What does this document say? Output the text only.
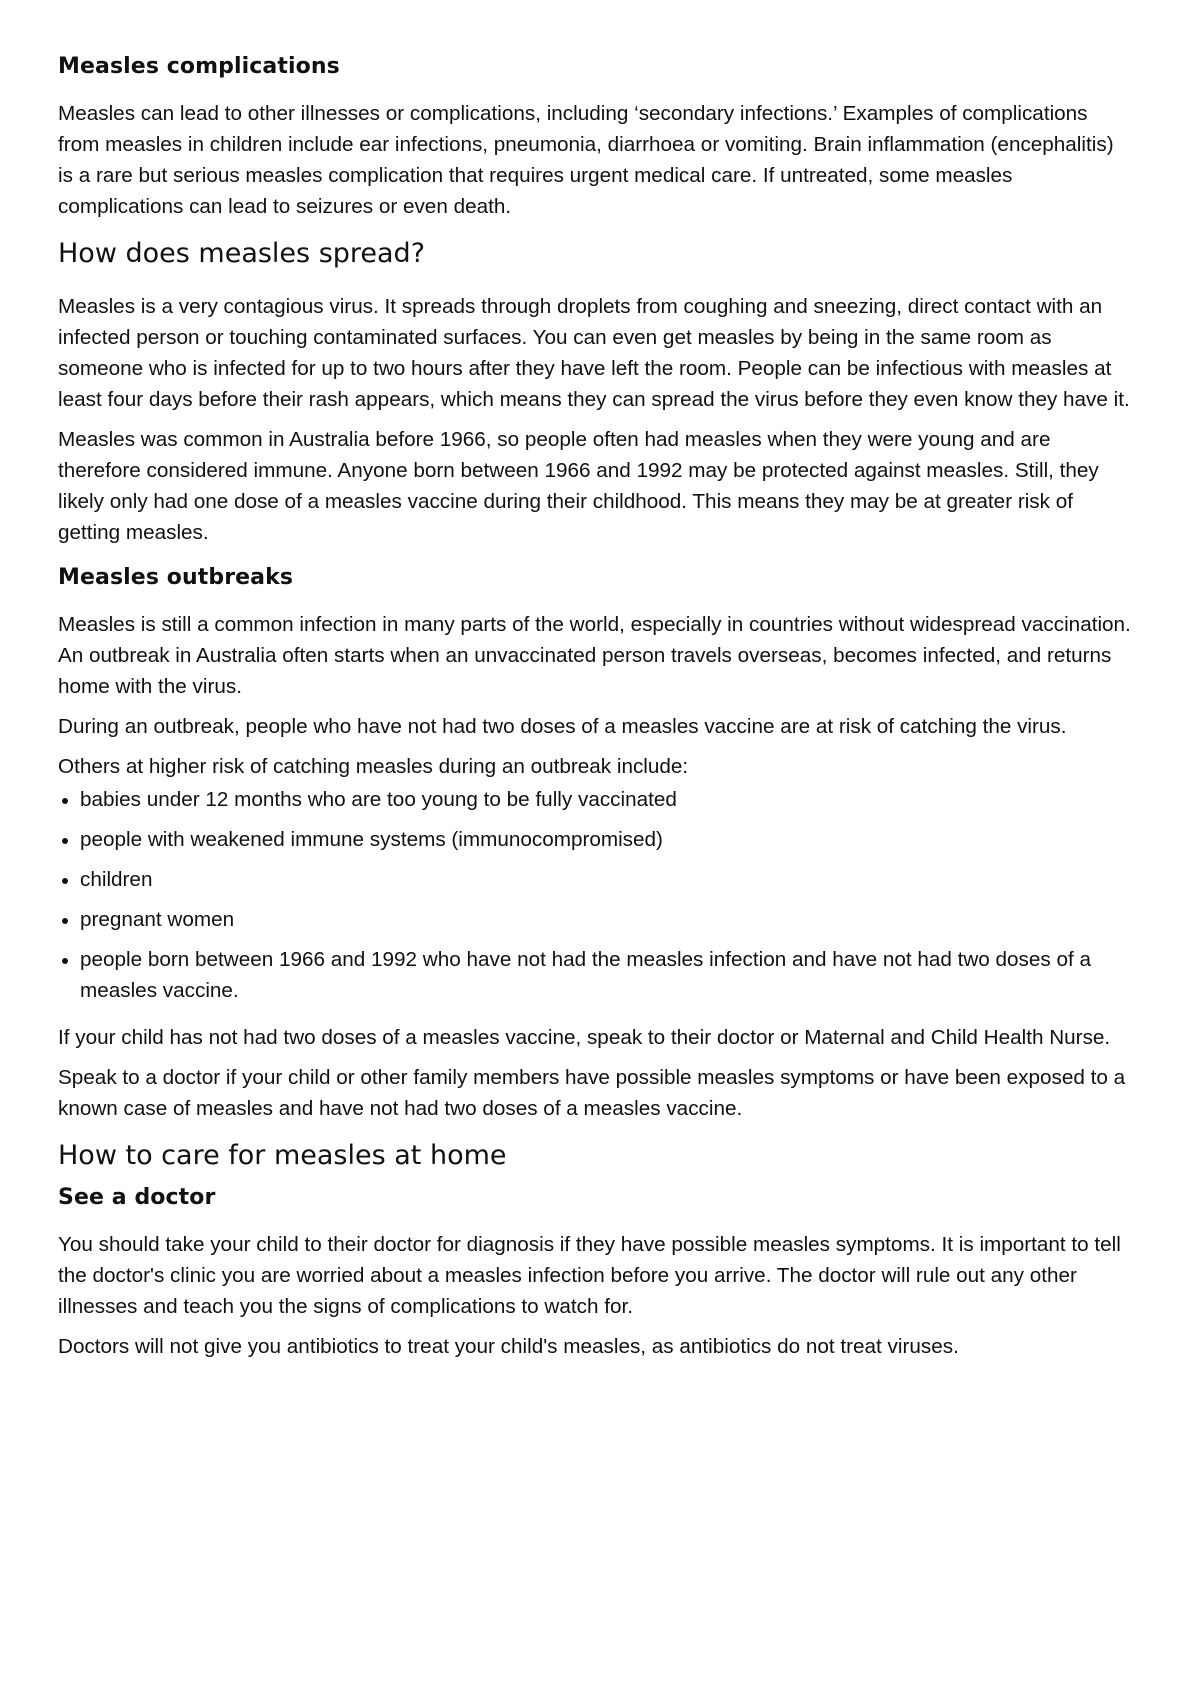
Measles complications

Measles can lead to other illnesses or complications, including ‘secondary infections.’ Examples of complications from measles in children include ear infections, pneumonia, diarrhoea or vomiting. Brain inflammation (encephalitis) is a rare but serious measles complication that requires urgent medical care. If untreated, some measles complications can lead to seizures or even death.

How does measles spread?

Measles is a very contagious virus. It spreads through droplets from coughing and sneezing, direct contact with an infected person or touching contaminated surfaces. You can even get measles by being in the same room as someone who is infected for up to two hours after they have left the room. People can be infectious with measles at least four days before their rash appears, which means they can spread the virus before they even know they have it.

Measles was common in Australia before 1966, so people often had measles when they were young and are therefore considered immune. Anyone born between 1966 and 1992 may be protected against measles. Still, they likely only had one dose of a measles vaccine during their childhood. This means they may be at greater risk of getting measles.

Measles outbreaks

Measles is still a common infection in many parts of the world, especially in countries without widespread vaccination. An outbreak in Australia often starts when an unvaccinated person travels overseas, becomes infected, and returns home with the virus.

During an outbreak, people who have not had two doses of a measles vaccine are at risk of catching the virus.

Others at higher risk of catching measles during an outbreak include:

babies under 12 months who are too young to be fully vaccinated
people with weakened immune systems (immunocompromised)
children
pregnant women
people born between 1966 and 1992 who have not had the measles infection and have not had two doses of a measles vaccine.

If your child has not had two doses of a measles vaccine, speak to their doctor or Maternal and Child Health Nurse.

Speak to a doctor if your child or other family members have possible measles symptoms or have been exposed to a known case of measles and have not had two doses of a measles vaccine.

How to care for measles at home
See a doctor

You should take your child to their doctor for diagnosis if they have possible measles symptoms. It is important to tell the doctor's clinic you are worried about a measles infection before you arrive. The doctor will rule out any other illnesses and teach you the signs of complications to watch for.

Doctors will not give you antibiotics to treat your child's measles, as antibiotics do not treat viruses.
